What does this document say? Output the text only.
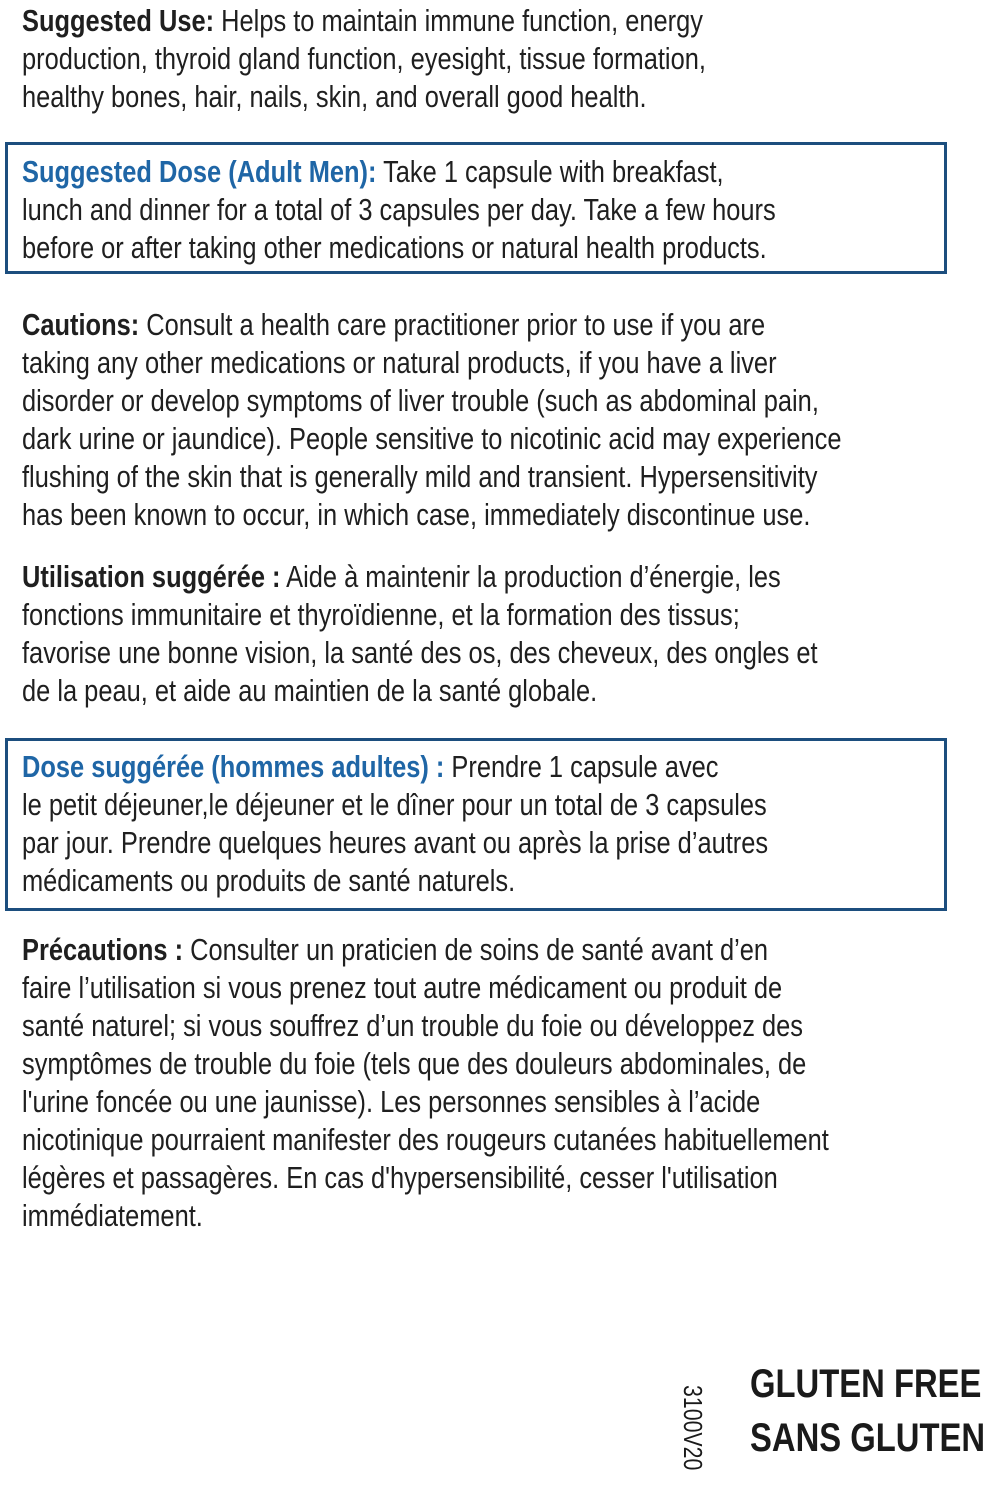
Suggested Use: Helps to maintain immune function, energy
production, thyroid gland function, eyesight, tissue formation,
healthy bones, hair, nails, skin, and overall good health.
Suggested Dose (Adult Men): Take 1 capsule with breakfast,
lunch and dinner for a total of 3 capsules per day. Take a few hours
before or after taking other medications or natural health products.
Cautions: Consult a health care practitioner prior to use if you are
taking any other medications or natural products, if you have a liver
disorder or develop symptoms of liver trouble (such as abdominal pain,
dark urine or jaundice). People sensitive to nicotinic acid may experience
flushing of the skin that is generally mild and transient. Hypersensitivity
has been known to occur, in which case, immediately discontinue use.
Utilisation suggérée : Aide à maintenir la production d’énergie, les
fonctions immunitaire et thyroïdienne, et la formation des tissus;
favorise une bonne vision, la santé des os, des cheveux, des ongles et
de la peau, et aide au maintien de la santé globale.
Dose suggérée (hommes adultes) : Prendre 1 capsule avec
le petit déjeuner,le déjeuner et le dîner pour un total de 3 capsules
par jour. Prendre quelques heures avant ou après la prise d’autres
médicaments ou produits de santé naturels.
Précautions : Consulter un praticien de soins de santé avant d’en
faire l’utilisation si vous prenez tout autre médicament ou produit de
santé naturel; si vous souffrez d’un trouble du foie ou développez des
symptômes de trouble du foie (tels que des douleurs abdominales, de
l'urine foncée ou une jaunisse). Les personnes sensibles à l’acide
nicotinique pourraient manifester des rougeurs cutanées habituellement
légères et passagères. En cas d'hypersensibilité, cesser l'utilisation
immédiatement.
3100V20
GLUTEN FREE
SANS GLUTEN
